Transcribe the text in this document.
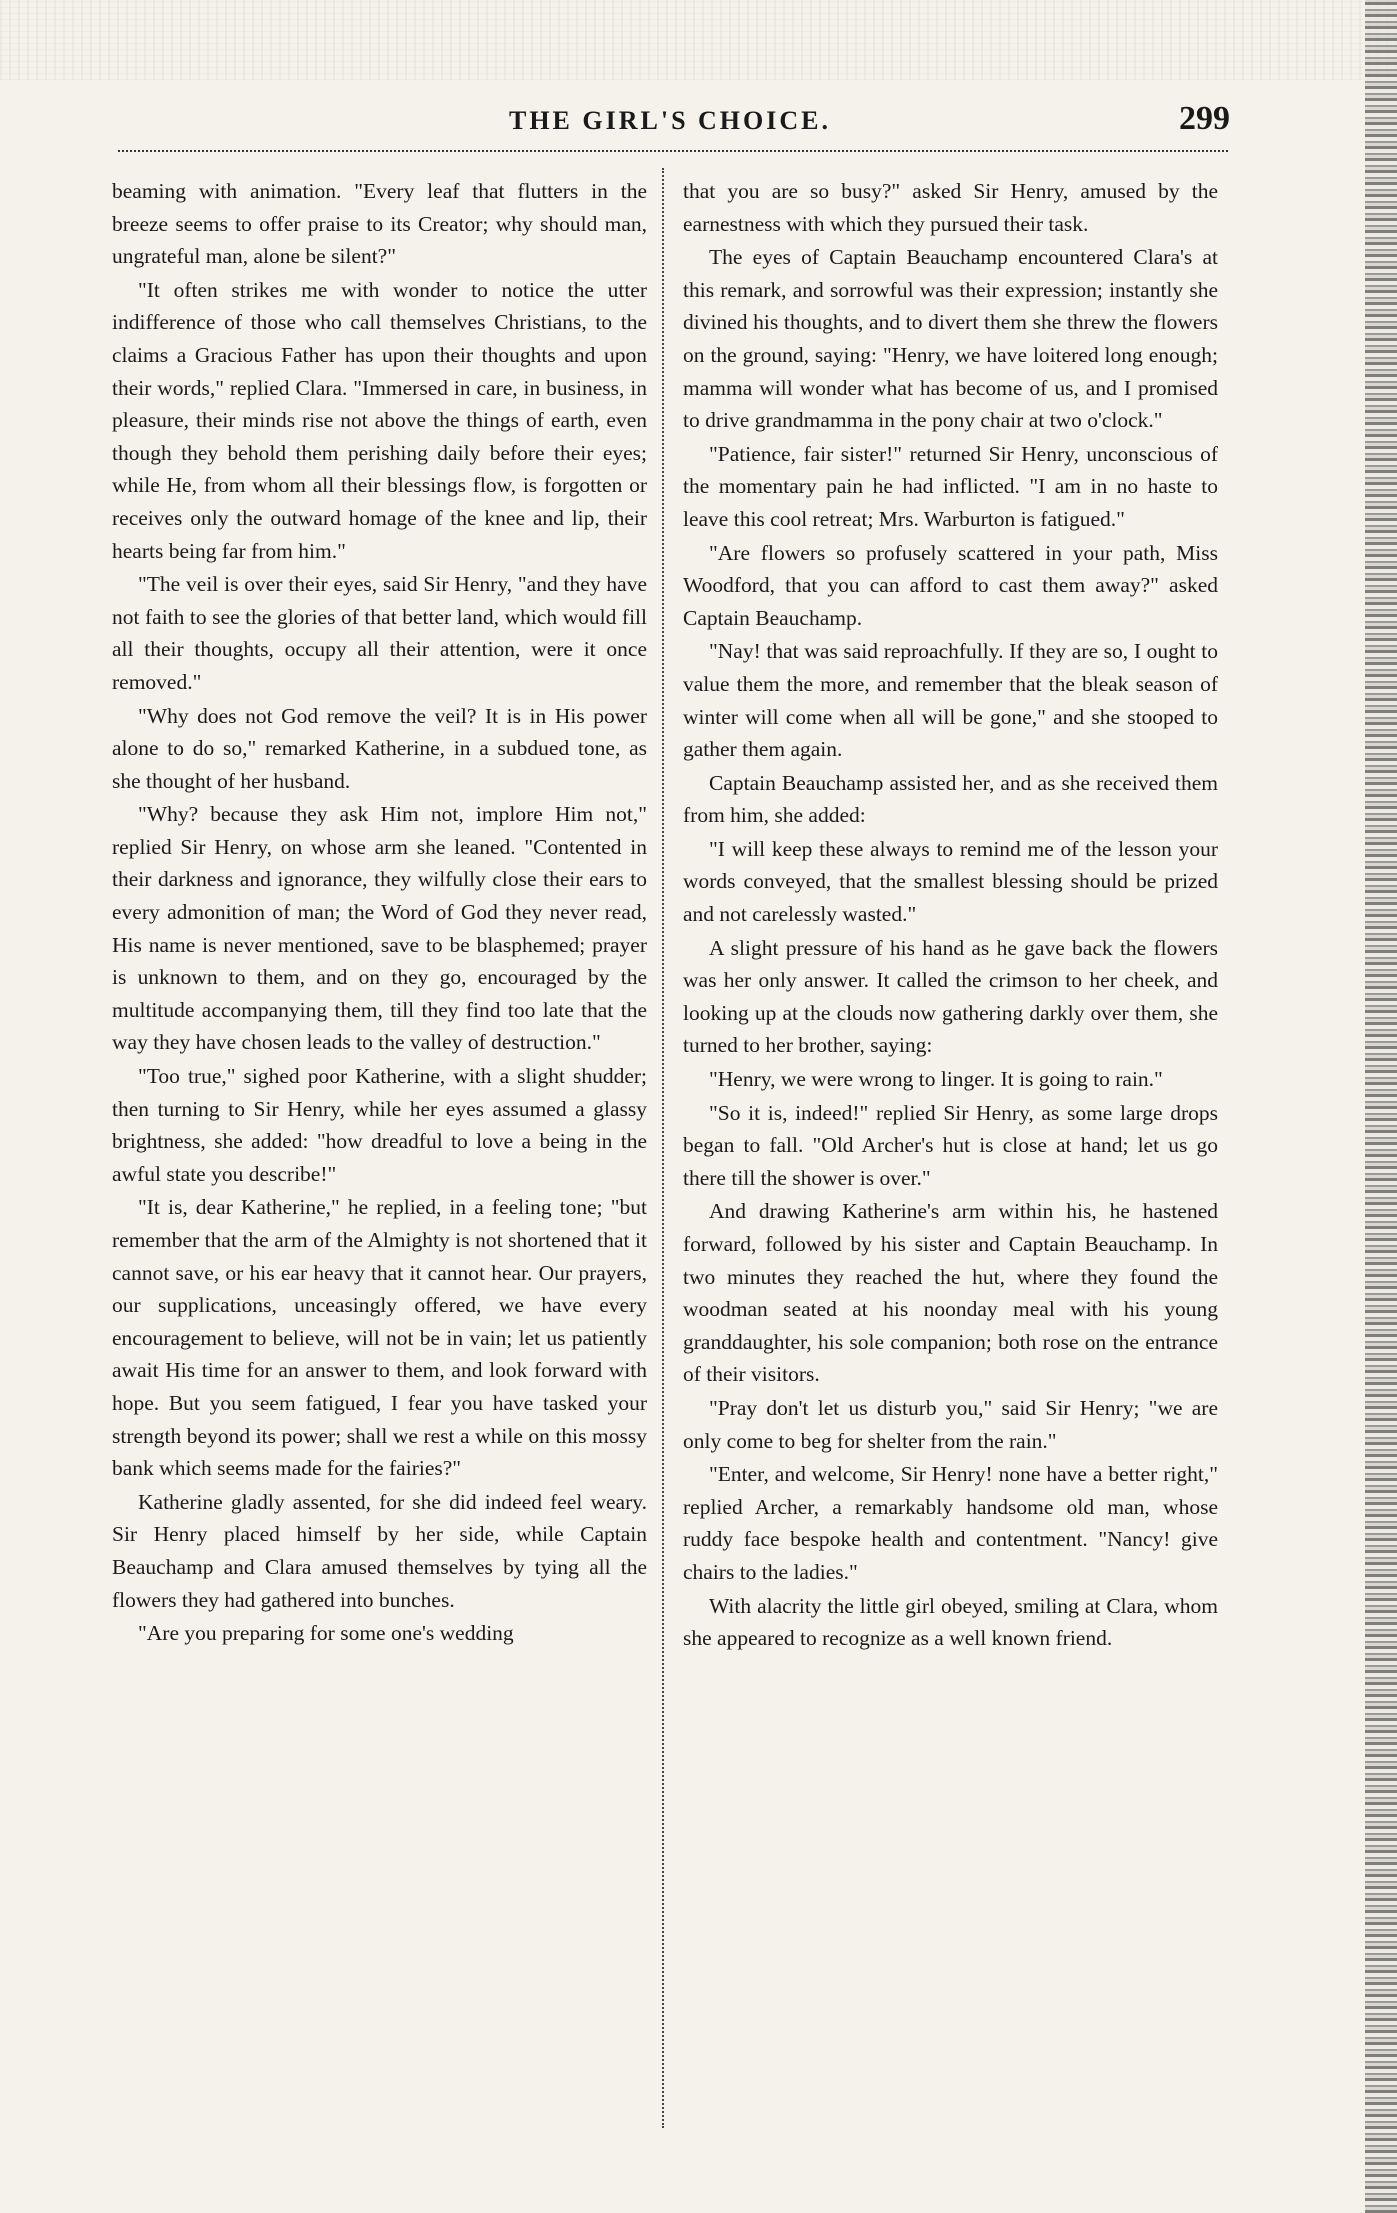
THE GIRL'S CHOICE.	299

beaming with animation. "Every leaf that flutters in the breeze seems to offer praise to its Creator; why should man, ungrateful man, alone be silent?"

"It often strikes me with wonder to notice the utter indifference of those who call themselves Christians, to the claims a Gracious Father has upon their thoughts and upon their words," replied Clara. "Immersed in care, in business, in pleasure, their minds rise not above the things of earth, even though they behold them perishing daily before their eyes; while He, from whom all their blessings flow, is forgotten or receives only the outward homage of the knee and lip, their hearts being far from him."

"The veil is over their eyes, said Sir Henry, "and they have not faith to see the glories of that better land, which would fill all their thoughts, occupy all their attention, were it once removed."

"Why does not God remove the veil? It is in His power alone to do so," remarked Katherine, in a subdued tone, as she thought of her husband.

"Why? because they ask Him not, implore Him not," replied Sir Henry, on whose arm she leaned. "Contented in their darkness and ignorance, they wilfully close their ears to every admonition of man; the Word of God they never read, His name is never mentioned, save to be blasphemed; prayer is unknown to them, and on they go, encouraged by the multitude accompanying them, till they find too late that the way they have chosen leads to the valley of destruction."

"Too true," sighed poor Katherine, with a slight shudder; then turning to Sir Henry, while her eyes assumed a glassy brightness, she added: "how dreadful to love a being in the awful state you describe!"

"It is, dear Katherine," he replied, in a feeling tone; "but remember that the arm of the Almighty is not shortened that it cannot save, or his ear heavy that it cannot hear. Our prayers, our supplications, unceasingly offered, we have every encouragement to believe, will not be in vain; let us patiently await His time for an answer to them, and look forward with hope. But you seem fatigued, I fear you have tasked your strength beyond its power; shall we rest a while on this mossy bank which seems made for the fairies?"

Katherine gladly assented, for she did indeed feel weary. Sir Henry placed himself by her side, while Captain Beauchamp and Clara amused themselves by tying all the flowers they had gathered into bunches.

"Are you preparing for some one's wedding

that you are so busy?" asked Sir Henry, amused by the earnestness with which they pursued their task.

The eyes of Captain Beauchamp encountered Clara's at this remark, and sorrowful was their expression; instantly she divined his thoughts, and to divert them she threw the flowers on the ground, saying: "Henry, we have loitered long enough; mamma will wonder what has become of us, and I promised to drive grandmamma in the pony chair at two o'clock."

"Patience, fair sister!" returned Sir Henry, unconscious of the momentary pain he had inflicted. "I am in no haste to leave this cool retreat; Mrs. Warburton is fatigued."

"Are flowers so profusely scattered in your path, Miss Woodford, that you can afford to cast them away?" asked Captain Beauchamp.

"Nay! that was said reproachfully. If they are so, I ought to value them the more, and remember that the bleak season of winter will come when all will be gone," and she stooped to gather them again.

Captain Beauchamp assisted her, and as she received them from him, she added:

"I will keep these always to remind me of the lesson your words conveyed, that the smallest blessing should be prized and not carelessly wasted."

A slight pressure of his hand as he gave back the flowers was her only answer. It called the crimson to her cheek, and looking up at the clouds now gathering darkly over them, she turned to her brother, saying:

"Henry, we were wrong to linger. It is going to rain."

"So it is, indeed!" replied Sir Henry, as some large drops began to fall. "Old Archer's hut is close at hand; let us go there till the shower is over."

And drawing Katherine's arm within his, he hastened forward, followed by his sister and Captain Beauchamp. In two minutes they reached the hut, where they found the woodman seated at his noonday meal with his young granddaughter, his sole companion; both rose on the entrance of their visitors.

"Pray don't let us disturb you," said Sir Henry; "we are only come to beg for shelter from the rain."

"Enter, and welcome, Sir Henry! none have a better right," replied Archer, a remarkably handsome old man, whose ruddy face bespoke health and contentment. "Nancy! give chairs to the ladies."

With alacrity the little girl obeyed, smiling at Clara, whom she appeared to recognize as a well known friend.
